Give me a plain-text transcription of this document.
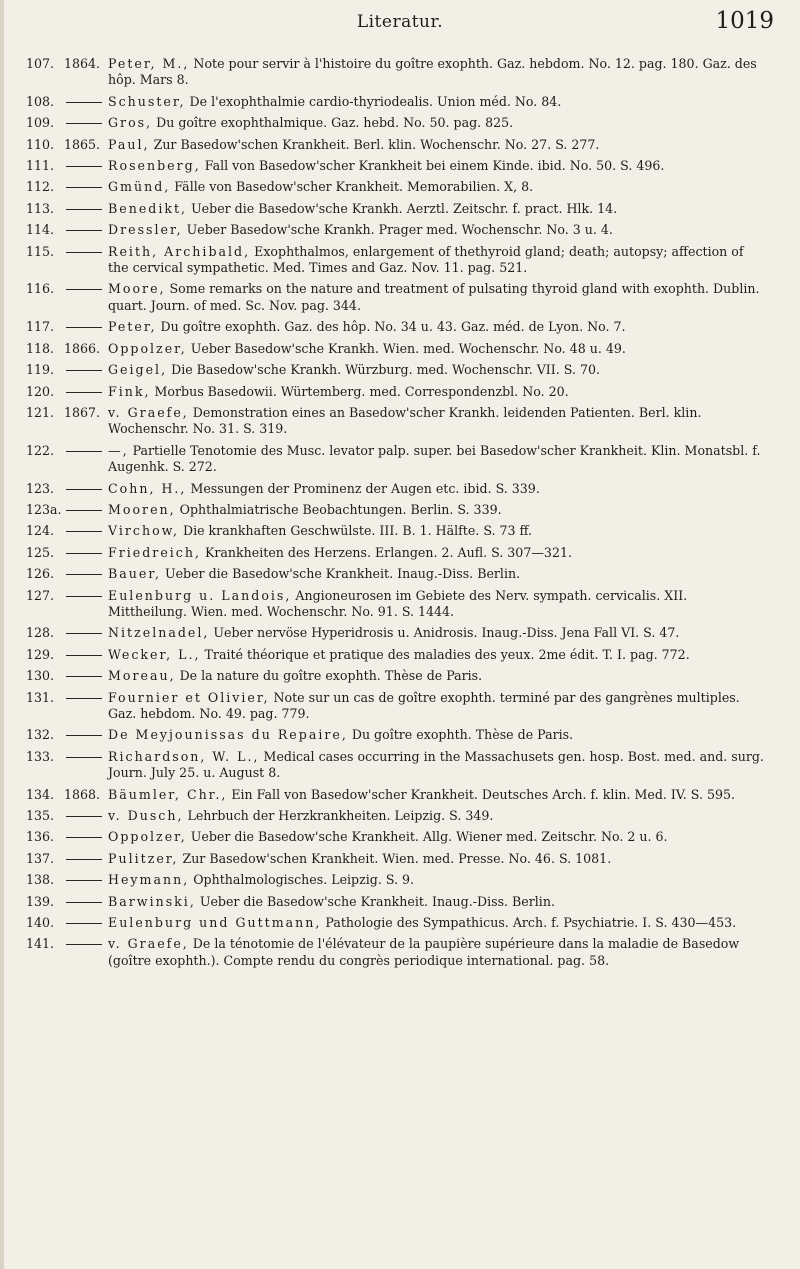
Literatur.	1019
107. 1864. Peter, M., Note pour servir à l'histoire du goître exophth. Gaz. hebdom. No. 12. pag. 180. Gaz. des hôp. Mars 8.
108.	Schuster, De l'exophthalmie cardio-thyriodealis. Union méd. No. 84.
109.	Gros, Du goître exophthalmique. Gaz. hebd. No. 50. pag. 825.
110. 1865. Paul, Zur Basedow'schen Krankheit. Berl. klin. Wochenschr. No. 27. S. 277.
111.	Rosenberg, Fall von Basedow'scher Krankheit bei einem Kinde. ibid. No. 50. S. 496.
112.	Gmünd, Fälle von Basedow'scher Krankheit. Memorabilien. X, 8.
113.	Benedikt, Ueber die Basedow'sche Krankh. Aerztl. Zeitschr. f. pract. Hlk. 14.
114.	Dressler, Ueber Basedow'sche Krankh. Prager med. Wochenschr. No. 3 u. 4.
115.	Reith, Archibald, Exophthalmos, enlargement of thethyroid gland; death; autopsy; affection of the cervical sympathetic. Med. Times and Gaz. Nov. 11. pag. 521.
116.	Moore, Some remarks on the nature and treatment of pulsating thyroid gland with exophth. Dublin. quart. Journ. of med. Sc. Nov. pag. 344.
117.	Peter, Du goître exophth. Gaz. des hôp. No. 34 u. 43. Gaz. méd. de Lyon. No. 7.
118. 1866. Oppolzer, Ueber Basedow'sche Krankh. Wien. med. Wochenschr. No. 48 u. 49.
119.	Geigel, Die Basedow'sche Krankh. Würzburg. med. Wochenschr. VII. S. 70.
120.	Fink, Morbus Basedowii. Würtemberg. med. Correspondenzbl. No. 20.
121. 1867. v. Graefe, Demonstration eines an Basedow'scher Krankh. leidenden Patienten. Berl. klin. Wochenschr. No. 31. S. 319.
122.	—, Partielle Tenotomie des Musc. levator palp. super. bei Basedow'scher Krankheit. Klin. Monatsbl. f. Augenhk. S. 272.
123.	Cohn, H., Messungen der Prominenz der Augen etc. ibid. S. 339.
123a.	Mooren, Ophthalmiatrische Beobachtungen. Berlin. S. 339.
124.	Virchow, Die krankhaften Geschwülste. III. B. 1. Hälfte. S. 73 ff.
125.	Friedreich, Krankheiten des Herzens. Erlangen. 2. Aufl. S. 307—321.
126.	Bauer, Ueber die Basedow'sche Krankheit. Inaug.-Diss. Berlin.
127.	Eulenburg u. Landois, Angioneurosen im Gebiete des Nerv. sympath. cervicalis. XII. Mittheilung. Wien. med. Wochenschr. No. 91. S. 1444.
128.	Nitzelnadel, Ueber nervöse Hyperidrosis u. Anidrosis. Inaug.-Diss. Jena Fall VI. S. 47.
129.	Wecker, L., Traité théorique et pratique des maladies des yeux. 2me édit. T. I. pag. 772.
130.	Moreau, De la nature du goître exophth. Thèse de Paris.
131.	Fournier et Olivier, Note sur un cas de goître exophth. terminé par des gangrènes multiples. Gaz. hebdom. No. 49. pag. 779.
132.	De Meyjounissas du Repaire, Du goître exophth. Thèse de Paris.
133.	Richardson, W. L., Medical cases occurring in the Massachusets gen. hosp. Bost. med. and. surg. Journ. July 25. u. August 8.
134. 1868. Bäumler, Chr., Ein Fall von Basedow'scher Krankheit. Deutsches Arch. f. klin. Med. IV. S. 595.
135.	v. Dusch, Lehrbuch der Herzkrankheiten. Leipzig. S. 349.
136.	Oppolzer, Ueber die Basedow'sche Krankheit. Allg. Wiener med. Zeitschr. No. 2 u. 6.
137.	Pulitzer, Zur Basedow'schen Krankheit. Wien. med. Presse. No. 46. S. 1081.
138.	Heymann, Ophthalmologisches. Leipzig. S. 9.
139.	Barwinski, Ueber die Basedow'sche Krankheit. Inaug.-Diss. Berlin.
140.	Eulenburg und Guttmann, Pathologie des Sympathicus. Arch. f. Psychiatrie. I. S. 430—453.
141.	v. Graefe, De la ténotomie de l'élévateur de la paupière supérieure dans la maladie de Basedow (goître exophth.). Compte rendu du congrès periodique international. pag. 58.
